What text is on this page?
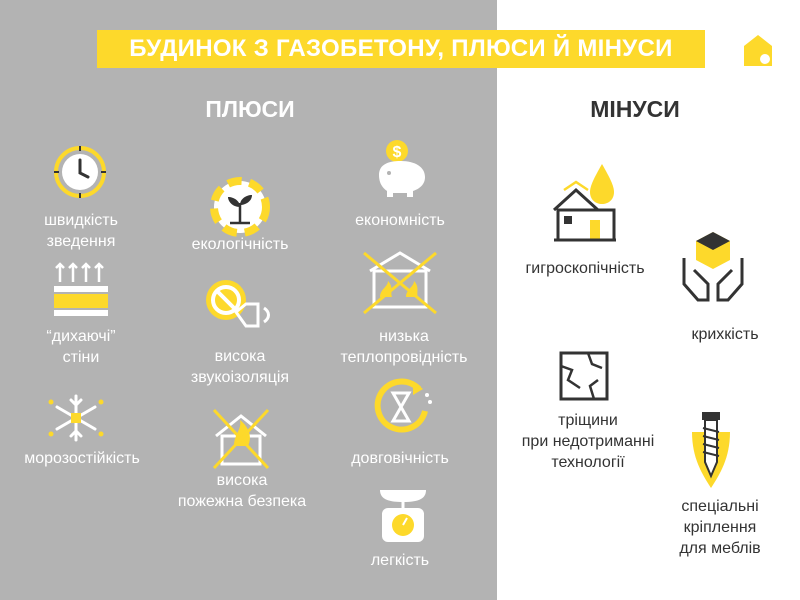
БУДИНОК З ГАЗОБЕТОНУ, ПЛЮСИ Й МІНУСИ
ПЛЮСИ	МІНУСИ
$
швидкість
зведення	екологічність
економність
“дихаючі”
стіни	висока
звукоізоляція
низька
теплопровідність
морозостійкість
висока
пожежна безпека
довговічність
легкість
гигроскопічність
крихкість
тріщини
при недотриманні
технології
спеціальні
кріплення
для меблів
